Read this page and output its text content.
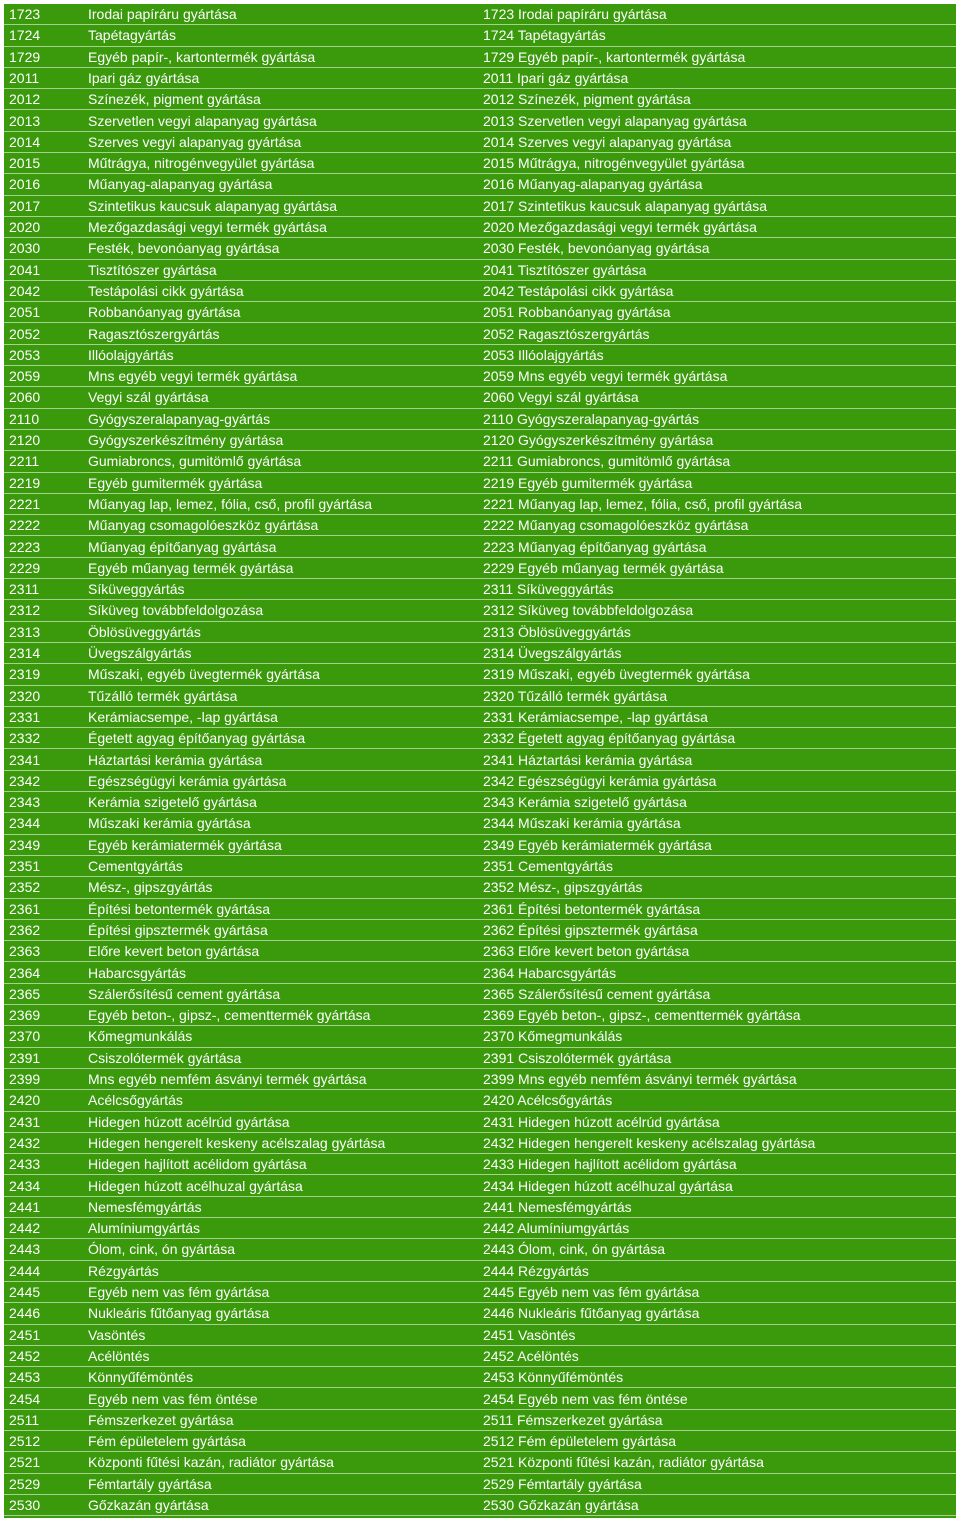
1723	Irodai papíráru gyártása	1723 Irodai papíráru gyártása
1724	Tapétagyártás	1724 Tapétagyártás
1729	Egyéb papír-, kartontermék gyártása	1729 Egyéb papír-, kartontermék gyártása
2011	Ipari gáz gyártása	2011 Ipari gáz gyártása
2012	Színezék, pigment gyártása	2012 Színezék, pigment gyártása
2013	Szervetlen vegyi alapanyag gyártása	2013 Szervetlen vegyi alapanyag gyártása
2014	Szerves vegyi alapanyag gyártása	2014 Szerves vegyi alapanyag gyártása
2015	Műtrágya, nitrogénvegyület gyártása	2015 Műtrágya, nitrogénvegyület gyártása
2016	Műanyag-alapanyag gyártása	2016 Műanyag-alapanyag gyártása
2017	Szintetikus kaucsuk alapanyag gyártása	2017 Szintetikus kaucsuk alapanyag gyártása
2020	Mezőgazdasági vegyi termék gyártása	2020 Mezőgazdasági vegyi termék gyártása
2030	Festék, bevonóanyag gyártása	2030 Festék, bevonóanyag gyártása
2041	Tisztítószer gyártása	2041 Tisztítószer gyártása
2042	Testápolási cikk gyártása	2042 Testápolási cikk gyártása
2051	Robbanóanyag gyártása	2051 Robbanóanyag gyártása
2052	Ragasztószergyártás	2052 Ragasztószergyártás
2053	Illóolajgyártás	2053 Illóolajgyártás
2059	Mns egyéb vegyi termék gyártása	2059 Mns egyéb vegyi termék gyártása
2060	Vegyi szál gyártása	2060 Vegyi szál gyártása
2110	Gyógyszeralapanyag-gyártás	2110 Gyógyszeralapanyag-gyártás
2120	Gyógyszerkészítmény gyártása	2120 Gyógyszerkészítmény gyártása
2211	Gumiabroncs, gumitömlő gyártása	2211 Gumiabroncs, gumitömlő gyártása
2219	Egyéb gumitermék gyártása	2219 Egyéb gumitermék gyártása
2221	Műanyag lap, lemez, fólia, cső, profil gyártása	2221 Műanyag lap, lemez, fólia, cső, profil gyártása
2222	Műanyag csomagolóeszköz gyártása	2222 Műanyag csomagolóeszköz gyártása
2223	Műanyag építőanyag gyártása	2223 Műanyag építőanyag gyártása
2229	Egyéb műanyag termék gyártása	2229 Egyéb műanyag termék gyártása
2311	Síküveggyártás	2311 Síküveggyártás
2312	Síküveg továbbfeldolgozása	2312 Síküveg továbbfeldolgozása
2313	Öblösüveggyártás	2313 Öblösüveggyártás
2314	Üvegszálgyártás	2314 Üvegszálgyártás
2319	Műszaki, egyéb üvegtermék gyártása	2319 Műszaki, egyéb üvegtermék gyártása
2320	Tűzálló termék gyártása	2320 Tűzálló termék gyártása
2331	Kerámiacsempe, -lap gyártása	2331 Kerámiacsempe, -lap gyártása
2332	Égetett agyag építőanyag gyártása	2332 Égetett agyag építőanyag gyártása
2341	Háztartási kerámia gyártása	2341 Háztartási kerámia gyártása
2342	Egészségügyi kerámia gyártása	2342 Egészségügyi kerámia gyártása
2343	Kerámia szigetelő gyártása	2343 Kerámia szigetelő gyártása
2344	Műszaki kerámia gyártása	2344 Műszaki kerámia gyártása
2349	Egyéb kerámiatermék gyártása	2349 Egyéb kerámiatermék gyártása
2351	Cementgyártás	2351 Cementgyártás
2352	Mész-, gipszgyártás	2352 Mész-, gipszgyártás
2361	Építési betontermék gyártása	2361 Építési betontermék gyártása
2362	Építési gipsztermék gyártása	2362 Építési gipsztermék gyártása
2363	Előre kevert beton gyártása	2363 Előre kevert beton gyártása
2364	Habarcsgyártás	2364 Habarcsgyártás
2365	Szálerősítésű cement gyártása	2365 Szálerősítésű cement gyártása
2369	Egyéb beton-, gipsz-, cementtermék gyártása	2369 Egyéb beton-, gipsz-, cementtermék gyártása
2370	Kőmegmunkálás	2370 Kőmegmunkálás
2391	Csiszolótermék gyártása	2391 Csiszolótermék gyártása
2399	Mns egyéb nemfém ásványi termék gyártása	2399 Mns egyéb nemfém ásványi termék gyártása
2420	Acélcsőgyártás	2420 Acélcsőgyártás
2431	Hidegen húzott acélrúd gyártása	2431 Hidegen húzott acélrúd gyártása
2432	Hidegen hengerelt keskeny acélszalag gyártása	2432 Hidegen hengerelt keskeny acélszalag gyártása
2433	Hidegen hajlított acélidom gyártása	2433 Hidegen hajlított acélidom gyártása
2434	Hidegen húzott acélhuzal gyártása	2434 Hidegen húzott acélhuzal gyártása
2441	Nemesfémgyártás	2441 Nemesfémgyártás
2442	Alumíniumgyártás	2442 Alumíniumgyártás
2443	Ólom, cink, ón gyártása	2443 Ólom, cink, ón gyártása
2444	Rézgyártás	2444 Rézgyártás
2445	Egyéb nem vas fém gyártása	2445 Egyéb nem vas fém gyártása
2446	Nukleáris fűtőanyag gyártása	2446 Nukleáris fűtőanyag gyártása
2451	Vasöntés	2451 Vasöntés
2452	Acélöntés	2452 Acélöntés
2453	Könnyűfémöntés	2453 Könnyűfémöntés
2454	Egyéb nem vas fém öntése	2454 Egyéb nem vas fém öntése
2511	Fémszerkezet gyártása	2511 Fémszerkezet gyártása
2512	Fém épületelem gyártása	2512 Fém épületelem gyártása
2521	Központi fűtési kazán, radiátor gyártása	2521 Központi fűtési kazán, radiátor gyártása
2529	Fémtartály gyártása	2529 Fémtartály gyártása
2530	Gőzkazán gyártása	2530 Gőzkazán gyártása
